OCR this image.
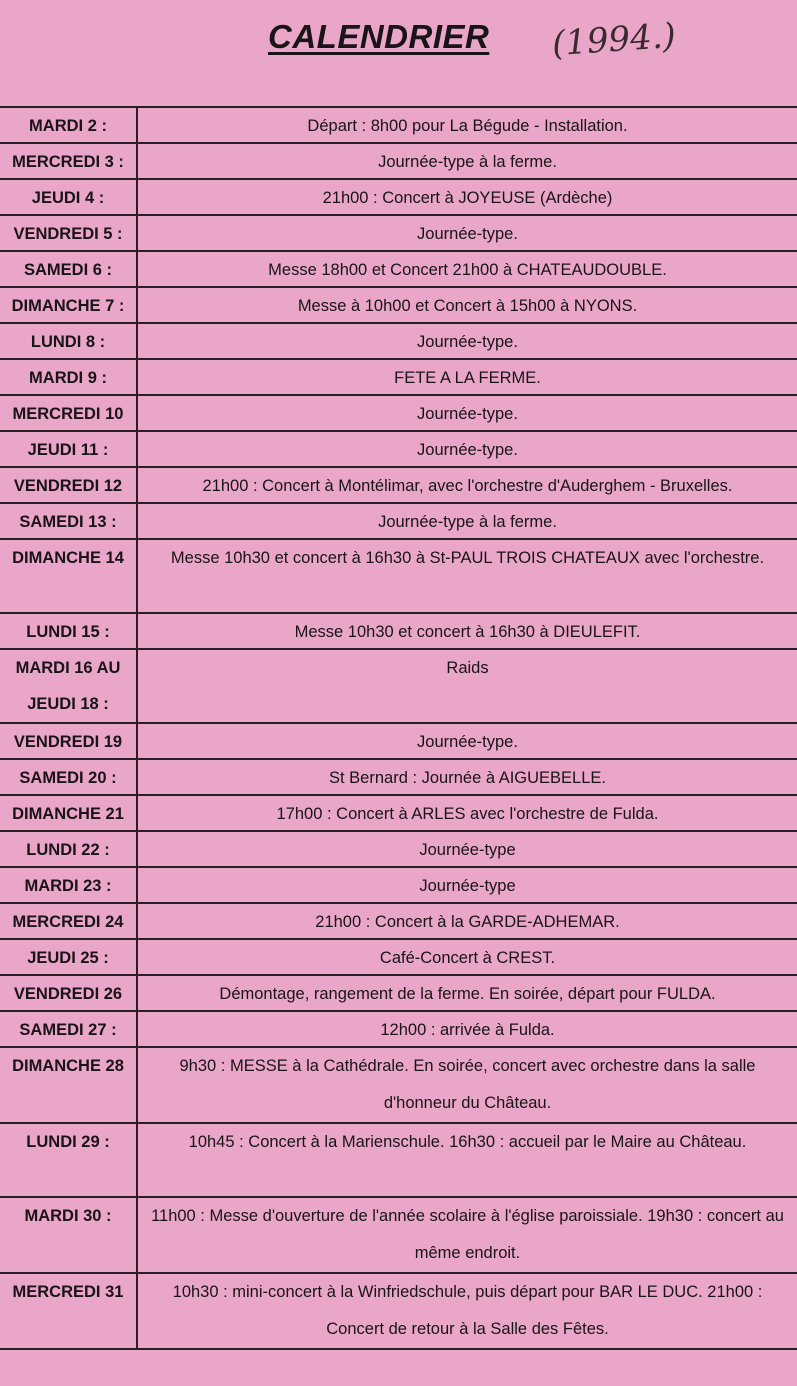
CALENDRIER (1994.)
MARDI 2 :	Départ : 8h00 pour La Bégude - Installation.

MERCREDI 3 :	Journée-type à la ferme.

JEUDI 4 :	21h00 : Concert à JOYEUSE (Ardèche)

VENDREDI 5 :	Journée-type.

SAMEDI 6 :	Messe 18h00 et Concert 21h00 à CHATEAUDOUBLE.

DIMANCHE 7 :	Messe à 10h00 et Concert à 15h00 à NYONS.

LUNDI 8 :	Journée-type.

MARDI 9 :	FETE A LA FERME.

MERCREDI 10	Journée-type.

JEUDI 11 :	Journée-type.

VENDREDI 12	21h00 : Concert à Montélimar, avec l'orchestre d'Auderghem - Bruxelles.

SAMEDI 13 :	Journée-type à la ferme.

DIMANCHE 14	Messe 10h30 et concert à 16h30 à St-PAUL TROIS CHATEAUX avec l'orchestre.

LUNDI 15 :	Messe 10h30 et concert à 16h30 à DIEULEFIT.

MARDI 16 AU JEUDI 18 :	Raids

VENDREDI 19	Journée-type.

SAMEDI 20 :	St Bernard : Journée à AIGUEBELLE.

DIMANCHE 21	17h00 : Concert à ARLES avec l'orchestre de Fulda.

LUNDI 22 :	Journée-type

MARDI 23 :	Journée-type

MERCREDI 24	21h00 : Concert à la GARDE-ADHEMAR.

JEUDI 25 :	Café-Concert à CREST.

VENDREDI 26	Démontage, rangement de la ferme. En soirée, départ pour FULDA.

SAMEDI 27 :	12h00 : arrivée à Fulda.

DIMANCHE 28	9h30 : MESSE à la Cathédrale. En soirée, concert avec orchestre dans la salle d'honneur du Château.

LUNDI 29 :	10h45 : Concert à la Marienschule. 16h30 : accueil par le Maire au Château.

MARDI 30 :	11h00 : Messe d'ouverture de l'année scolaire à l'église paroissiale. 19h30 : concert au même endroit.

MERCREDI 31	10h30 : mini-concert à la Winfriedschule, puis départ pour BAR LE DUC. 21h00 : Concert de retour à la Salle des Fêtes.
